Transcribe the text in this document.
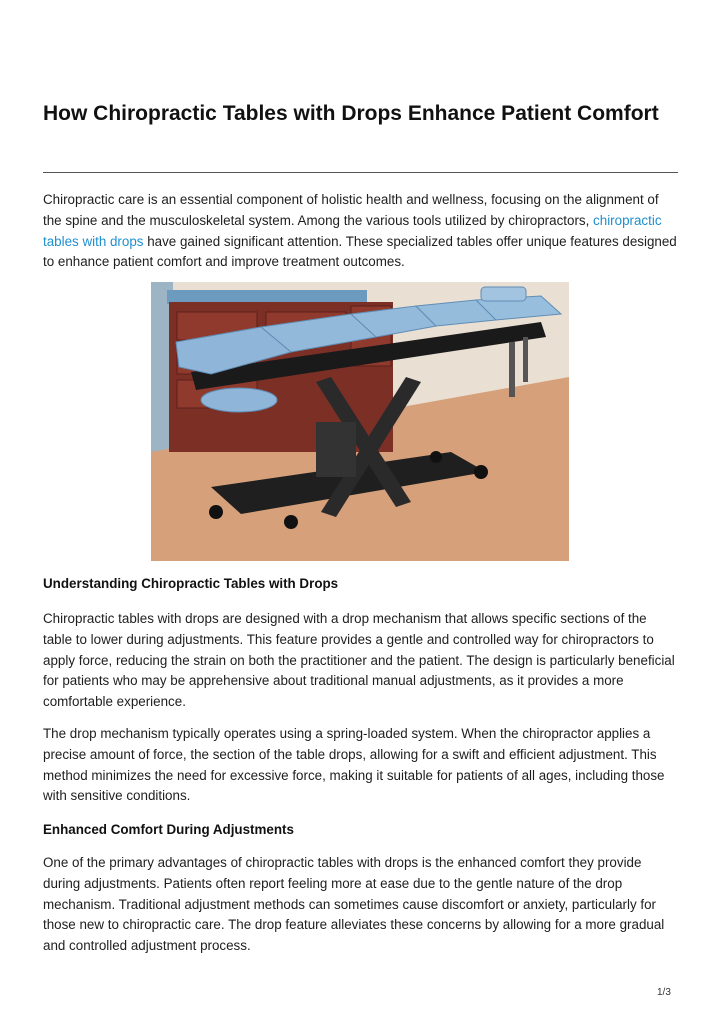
How Chiropractic Tables with Drops Enhance Patient Comfort

Chiropractic care is an essential component of holistic health and wellness, focusing on the alignment of the spine and the musculoskeletal system. Among the various tools utilized by chiropractors, chiropractic tables with drops have gained significant attention. These specialized tables offer unique features designed to enhance patient comfort and improve treatment outcomes.

Understanding Chiropractic Tables with Drops

Chiropractic tables with drops are designed with a drop mechanism that allows specific sections of the table to lower during adjustments. This feature provides a gentle and controlled way for chiropractors to apply force, reducing the strain on both the practitioner and the patient. The design is particularly beneficial for patients who may be apprehensive about traditional manual adjustments, as it provides a more comfortable experience.

The drop mechanism typically operates using a spring-loaded system. When the chiropractor applies a precise amount of force, the section of the table drops, allowing for a swift and efficient adjustment. This method minimizes the need for excessive force, making it suitable for patients of all ages, including those with sensitive conditions.

Enhanced Comfort During Adjustments

One of the primary advantages of chiropractic tables with drops is the enhanced comfort they provide during adjustments. Patients often report feeling more at ease due to the gentle nature of the drop mechanism. Traditional adjustment methods can sometimes cause discomfort or anxiety, particularly for those new to chiropractic care. The drop feature alleviates these concerns by allowing for a more gradual and controlled adjustment process.

1/3
